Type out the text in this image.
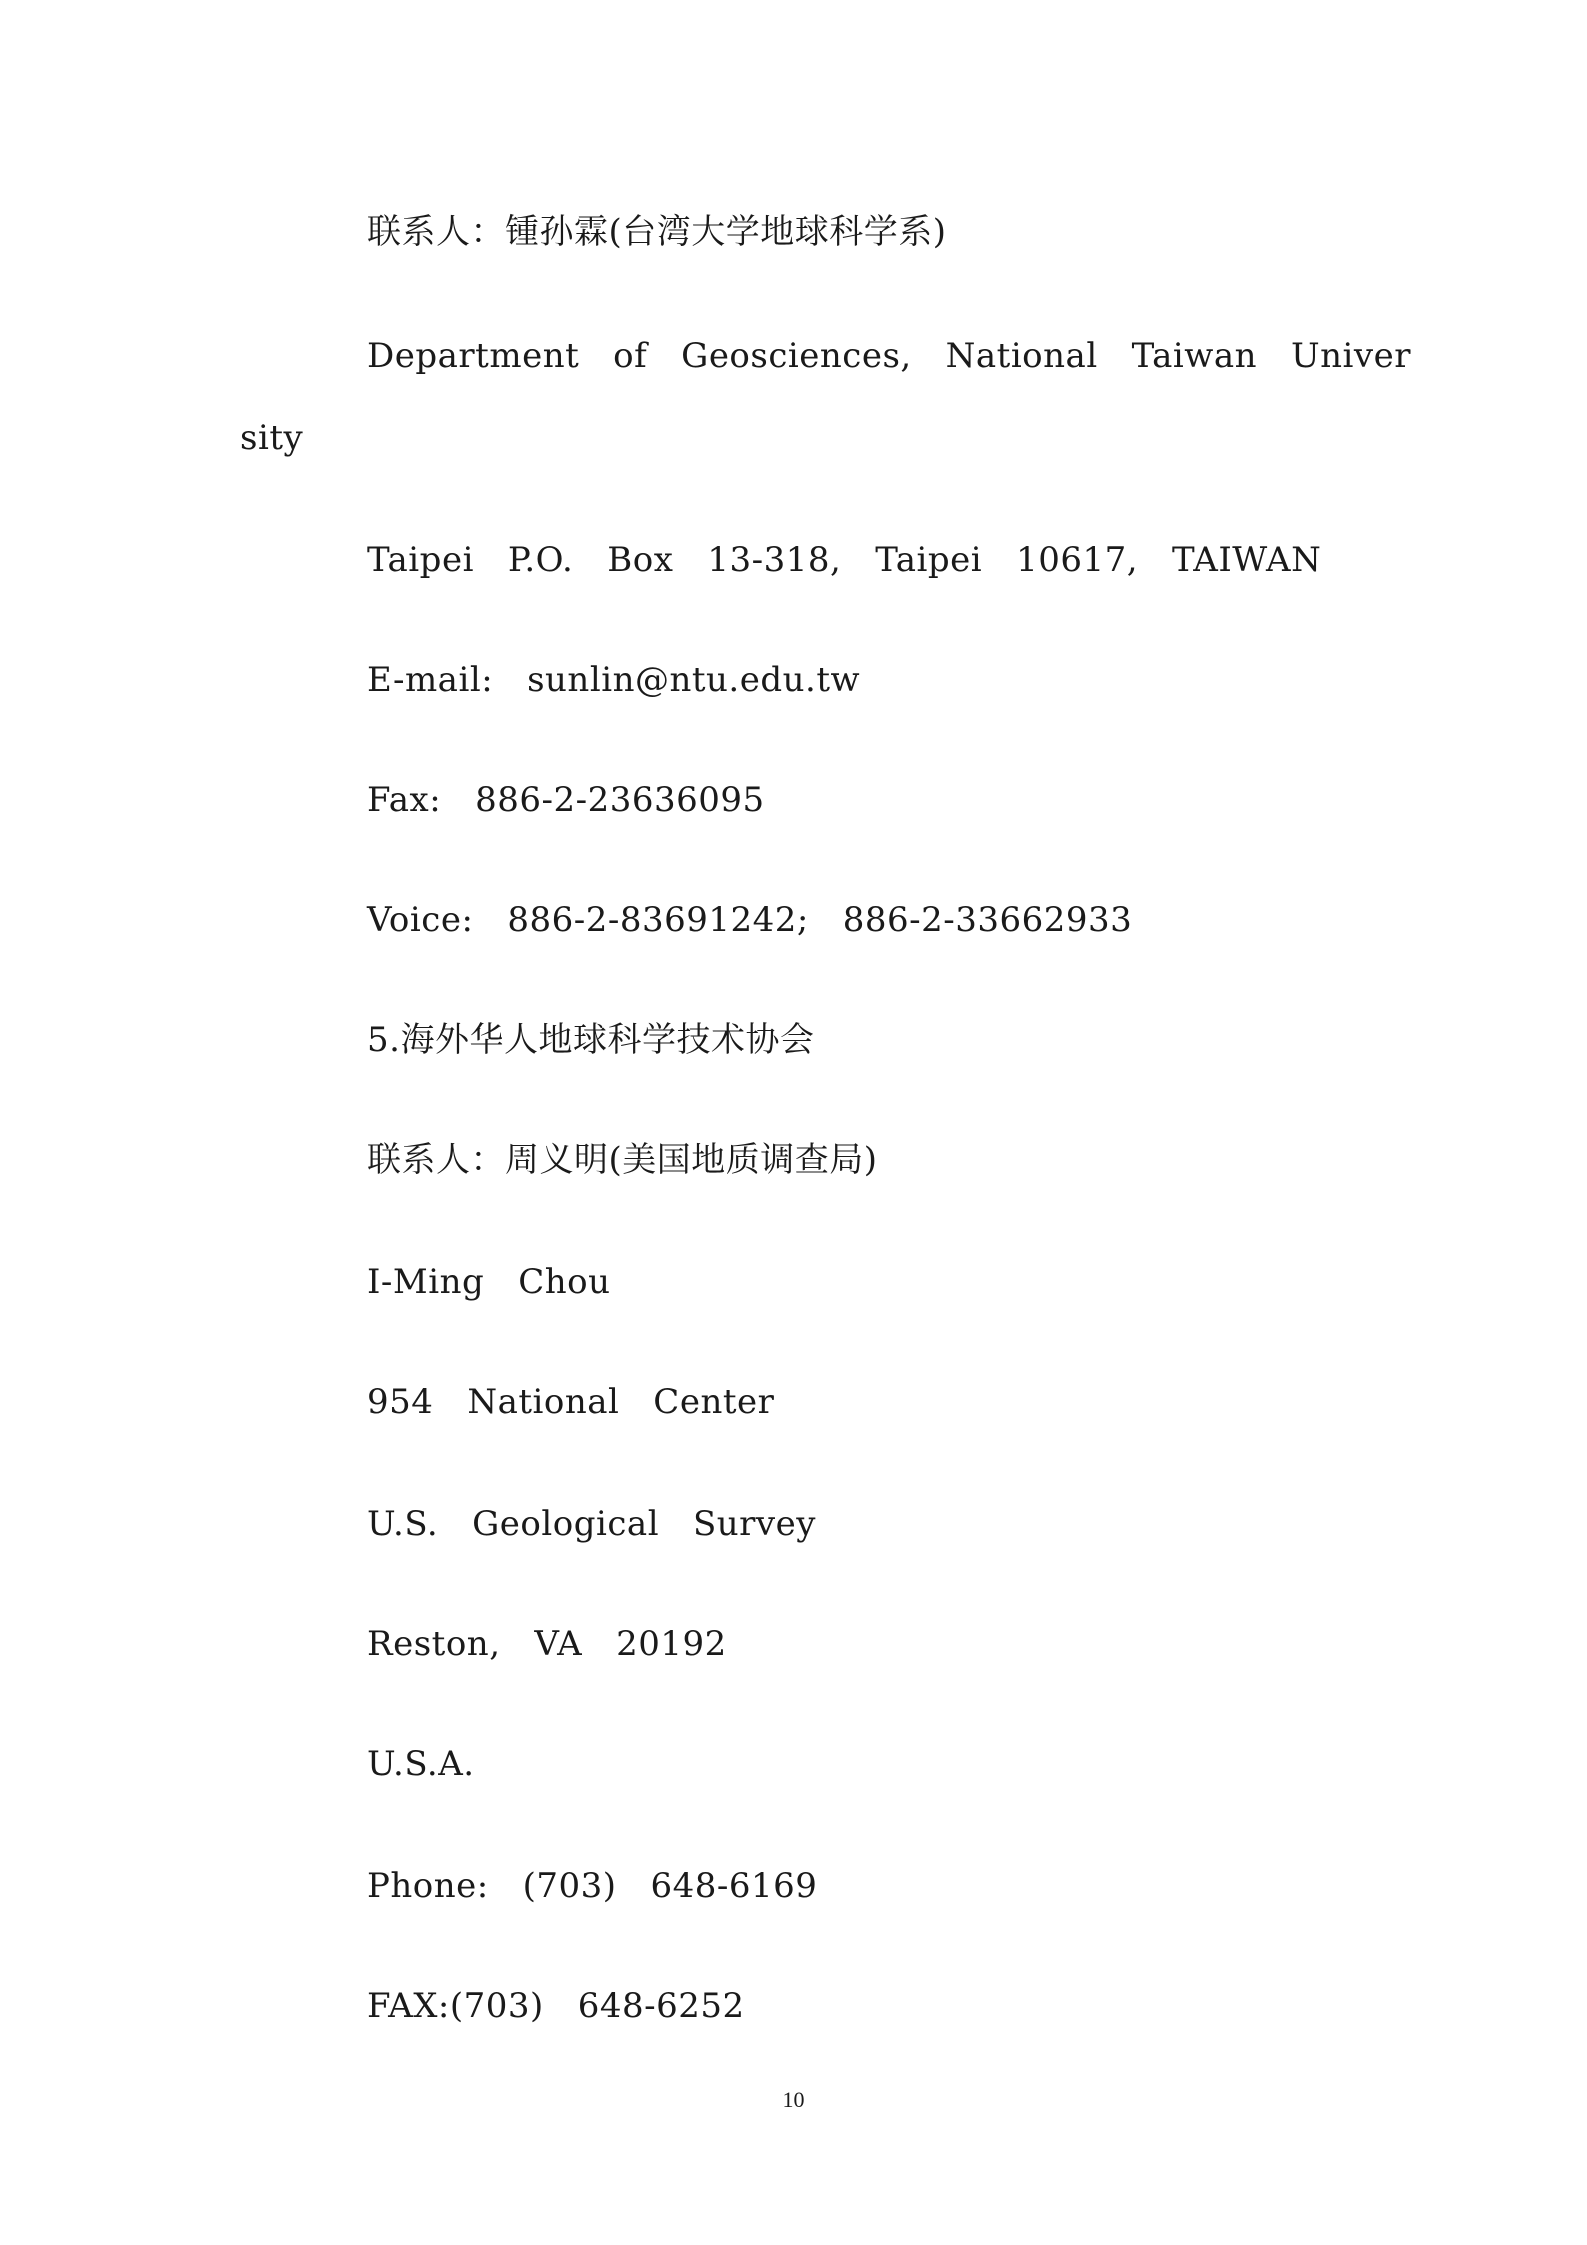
联系人：锺孙霖(台湾大学地球科学系)
Department   of   Geosciences,   National   Taiwan   Univer
sity
Taipei   P.O.   Box   13-318,   Taipei   10617,   TAIWAN
E-mail:   sunlin@ntu.edu.tw
Fax:   886-2-23636095
Voice:   886-2-83691242;   886-2-33662933
5.海外华人地球科学技术协会
联系人：周义明(美国地质调查局)
I-Ming   Chou
954   National   Center
U.S.   Geological   Survey
Reston,   VA   20192
U.S.A.
Phone:   (703)   648-6169
FAX:(703)   648-6252
10
